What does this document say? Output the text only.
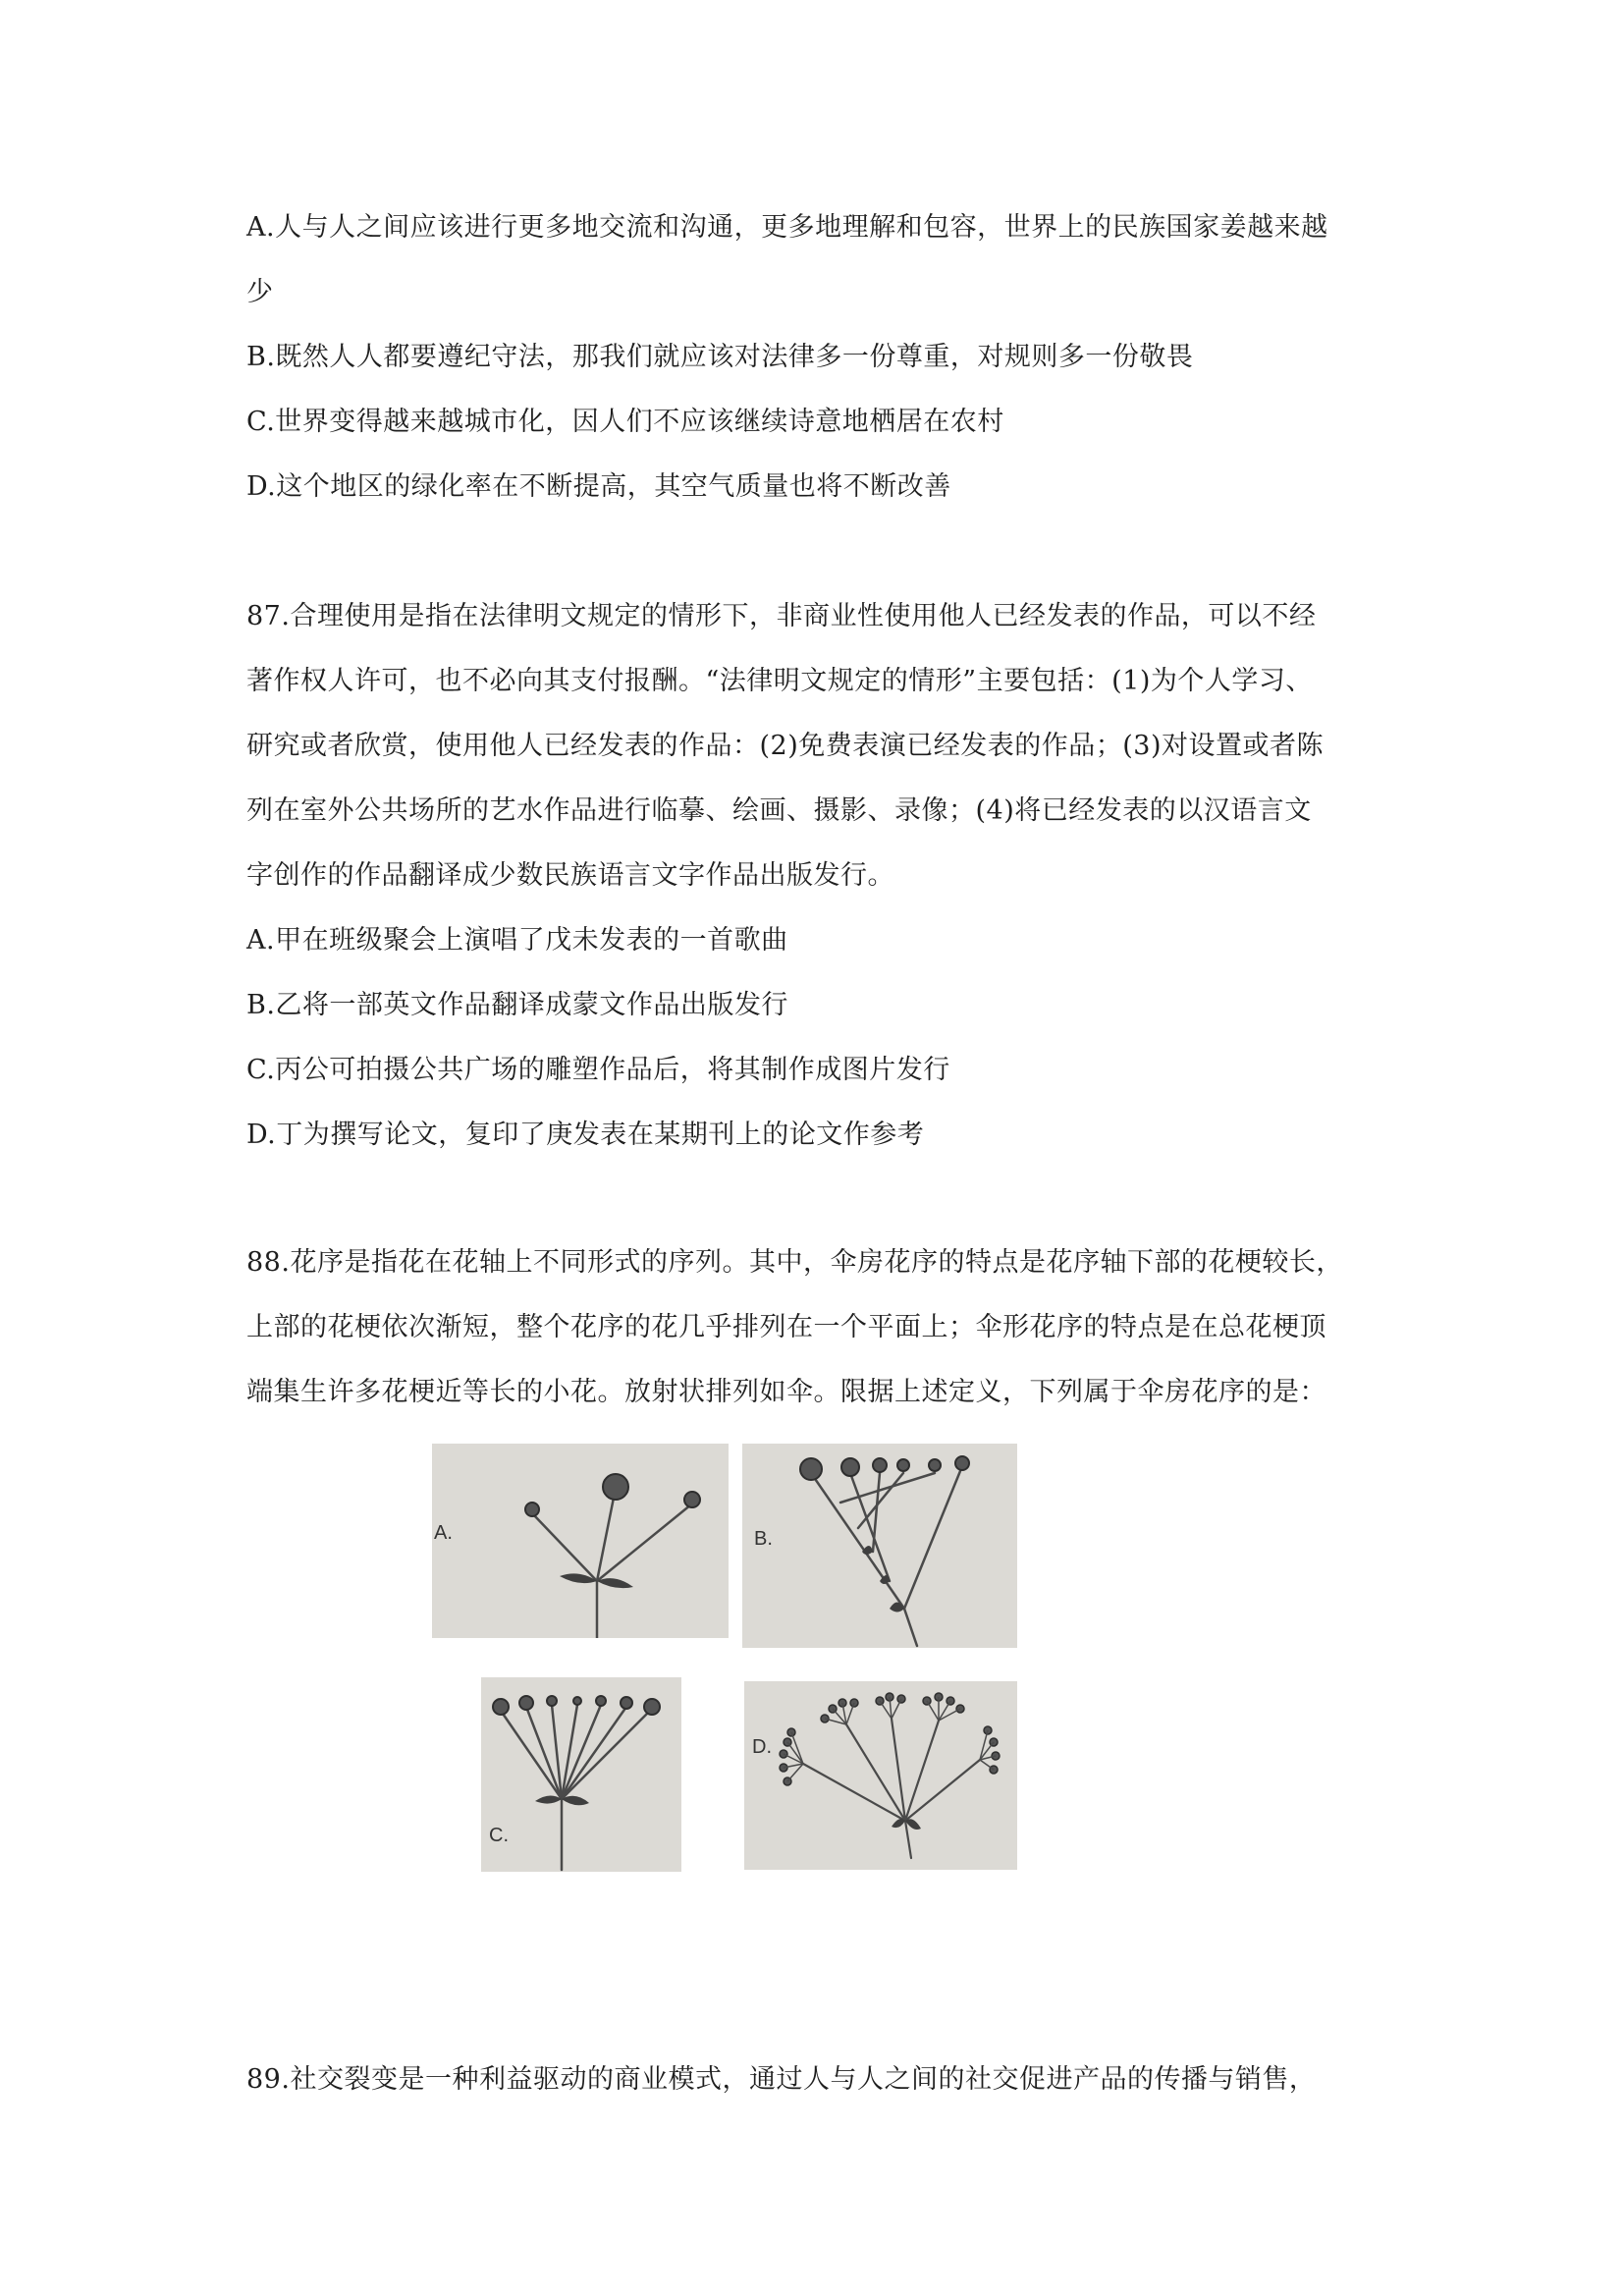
A.人与人之间应该进行更多地交流和沟通，更多地理解和包容，世界上的民族国家姜越来越
少
B.既然人人都要遵纪守法，那我们就应该对法律多一份尊重，对规则多一份敬畏
C.世界变得越来越城市化，因人们不应该继续诗意地栖居在农村
D.这个地区的绿化率在不断提高，其空气质量也将不断改善
87.合理使用是指在法律明文规定的情形下，非商业性使用他人已经发表的作品，可以不经
著作权人许可，也不必向其支付报酬。“法律明文规定的情形”主要包括：(1)为个人学习、
研究或者欣赏，使用他人已经发表的作品：(2)免费表演已经发表的作品；(3)对设置或者陈
列在室外公共场所的艺水作品进行临摹、绘画、摄影、录像；(4)将已经发表的以汉语言文
字创作的作品翻译成少数民族语言文字作品出版发行。
A.甲在班级聚会上演唱了戊未发表的一首歌曲
B.乙将一部英文作品翻译成蒙文作品出版发行
C.丙公可拍摄公共广场的雕塑作品后，将其制作成图片发行
D.丁为撰写论文，复印了庚发表在某期刊上的论文作参考
88.花序是指花在花轴上不同形式的序列。其中，伞房花序的特点是花序轴下部的花梗较长，
上部的花梗依次渐短，整个花序的花几乎排列在一个平面上；伞形花序的特点是在总花梗顶
端集生许多花梗近等长的小花。放射状排列如伞。限据上述定义，下列属于伞房花序的是：
A.	B.
C.
D.
89.社交裂变是一种利益驱动的商业模式，通过人与人之间的社交促进产品的传播与销售，
